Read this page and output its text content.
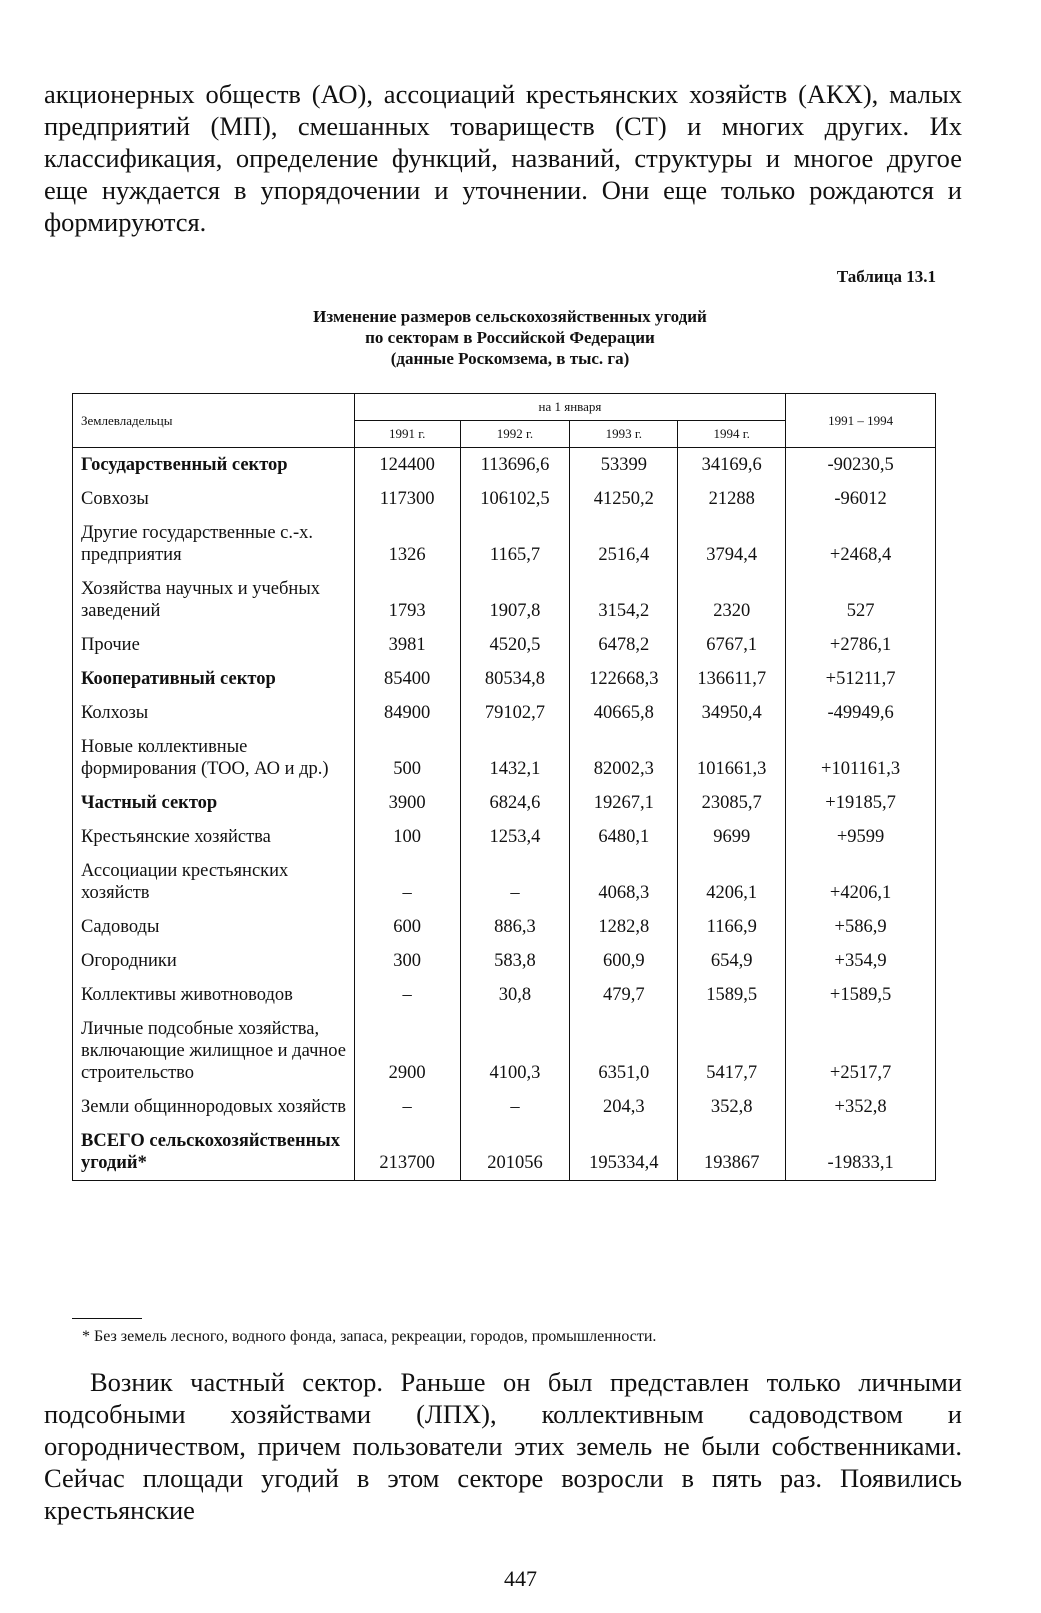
акционерных обществ (АО), ассоциаций крестьянских хозяйств (АКХ), малых предприятий (МП), смешанных товариществ (СТ) и многих других. Их классификация, определение функций, названий, структуры и многое другое еще нуждается в упорядочении и уточнении. Они еще только рождаются и формируются.

Таблица 13.1
Изменение размеров сельскохозяйственных угодий
по секторам в Российской Федерации
(данные Роскомзема, в тыс. га)
Землевладельцы	на 1 января				1991 – 1994
	1991 г.	1992 г.	1993 г.	1994 г.	
Государственный сектор	124400	113696,6	53399	34169,6	-90230,5
Совхозы	117300	106102,5	41250,2	21288	-96012
Другие государственные с.-х. предприятия	1326	1165,7	2516,4	3794,4	+2468,4
Хозяйства научных и учебных заведений	1793	1907,8	3154,2	2320	527
Прочие	3981	4520,5	6478,2	6767,1	+2786,1
Кооперативный сектор	85400	80534,8	122668,3	136611,7	+51211,7
Колхозы	84900	79102,7	40665,8	34950,4	-49949,6
Новые коллективные формирования (ТОО, АО и др.)	500	1432,1	82002,3	101661,3	+101161,3
Частный сектор	3900	6824,6	19267,1	23085,7	+19185,7
Крестьянские хозяйства	100	1253,4	6480,1	9699	+9599
Ассоциации крестьянских хозяйств	–	–	4068,3	4206,1	+4206,1
Садоводы	600	886,3	1282,8	1166,9	+586,9
Огородники	300	583,8	600,9	654,9	+354,9
Коллективы животноводов	–	30,8	479,7	1589,5	+1589,5
Личные подсобные хозяйства, включающие жилищное и дачное строительство	2900	4100,3	6351,0	5417,7	+2517,7
Земли общиннородовых хозяйств	–	–	204,3	352,8	+352,8
ВСЕГО сельскохозяйственных угодий*	213700	201056	195334,4	193867	-19833,1
* Без земель лесного, водного фонда, запаса, рекреации, городов, промышленности.

Возник частный сектор. Раньше он был представлен только личными подсобными хозяйствами (ЛПХ), коллективным садоводством и огородничеством, причем пользователи этих земель не были собственниками. Сейчас площади угодий в этом секторе возросли в пять раз. Появились крестьянские

447
